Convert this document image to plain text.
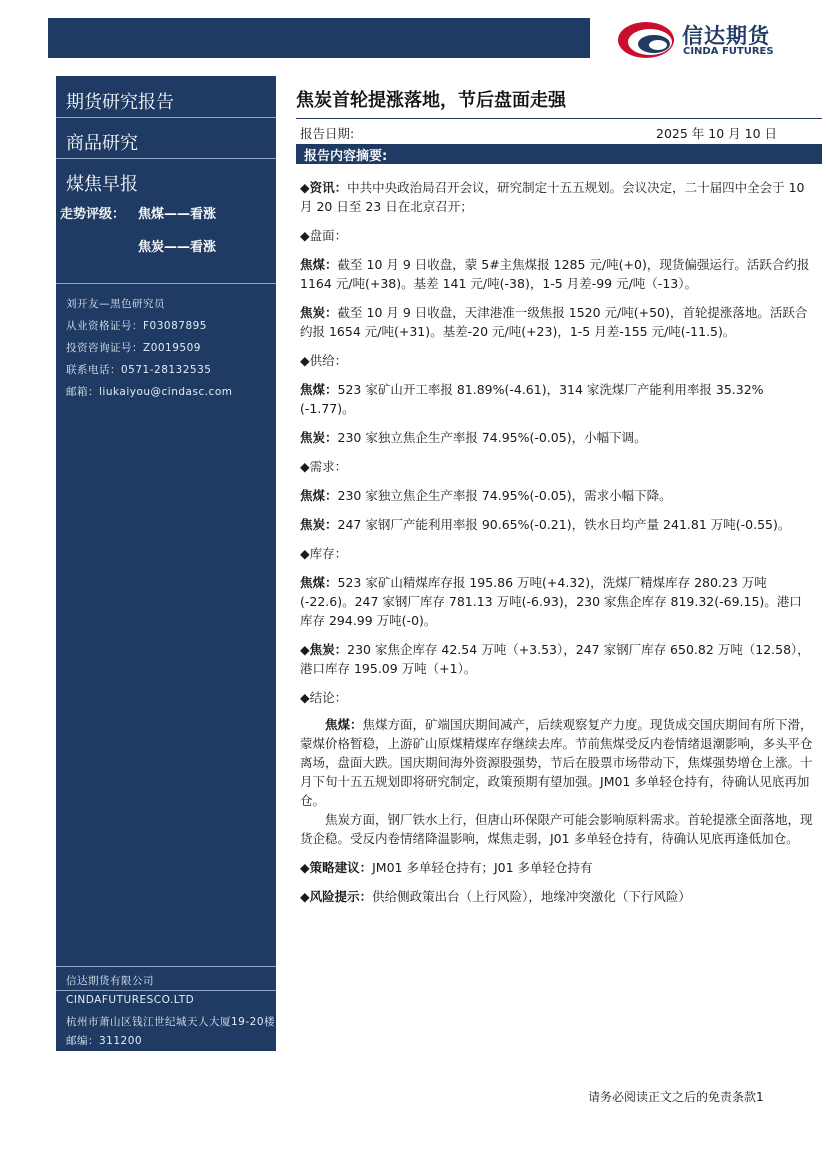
信达期货
CINDA FUTURES
期货研究报告
商品研究
煤焦早报
走势评级： 焦煤——看涨
焦炭——看涨
刘开友—黑色研究员
从业资格证号：F03087895
投资咨询证号：Z0019509
联系电话：0571-28132535
邮箱：liukaiyou@cindasc.com
信达期货有限公司
CINDAFUTURESCO.LTD
杭州市萧山区钱江世纪城天人大厦19-20楼
邮编：311200
焦炭首轮提涨落地，节后盘面走强
报告日期:	2025 年 10 月 10 日
报告内容摘要:

◆资讯：中共中央政治局召开会议，研究制定十五五规划。会议决定，二十届四中全会于 10 月 20 日至 23 日在北京召开；

◆盘面：

焦煤：截至 10 月 9 日收盘，蒙 5#主焦煤报 1285 元/吨(+0)，现货偏强运行。活跃合约报 1164 元/吨(+38)。基差 141 元/吨(-38)，1-5 月差-99 元/吨（-13）。

焦炭：截至 10 月 9 日收盘，天津港准一级焦报 1520 元/吨(+50)，首轮提涨落地。活跃合约报 1654 元/吨(+31)。基差-20 元/吨(+23)，1-5 月差-155 元/吨(-11.5)。

◆供给：

焦煤：523 家矿山开工率报 81.89%(-4.61)，314 家洗煤厂产能利用率报 35.32%(-1.77)。

焦炭：230 家独立焦企生产率报 74.95%(-0.05)，小幅下调。

◆需求：

焦煤：230 家独立焦企生产率报 74.95%(-0.05)，需求小幅下降。

焦炭：247 家钢厂产能利用率报 90.65%(-0.21)，铁水日均产量 241.81 万吨(-0.55)。

◆库存：

焦煤：523 家矿山精煤库存报 195.86 万吨(+4.32)，洗煤厂精煤库存 280.23 万吨(-22.6)。247 家钢厂库存 781.13 万吨(-6.93)，230 家焦企库存 819.32(-69.15)。港口库存 294.99 万吨(-0)。

◆焦炭：230 家焦企库存 42.54 万吨（+3.53），247 家钢厂库存 650.82 万吨（12.58），港口库存 195.09 万吨（+1）。

◆结论：

焦煤：焦煤方面，矿端国庆期间减产，后续观察复产力度。现货成交国庆期间有所下滑，蒙煤价格暂稳，上游矿山原煤精煤库存继续去库。节前焦煤受反内卷情绪退潮影响，多头平仓离场，盘面大跌。国庆期间海外资源股强势，节后在股票市场带动下，焦煤强势增仓上涨。十月下旬十五五规划即将研究制定，政策预期有望加强。JM01 多单轻仓持有，待确认见底再加仓。

焦炭方面，钢厂铁水上行，但唐山环保限产可能会影响原料需求。首轮提涨全面落地，现货企稳。受反内卷情绪降温影响，煤焦走弱，J01 多单轻仓持有，待确认见底再逢低加仓。

◆策略建议：JM01 多单轻仓持有；J01 多单轻仓持有

◆风险提示：供给侧政策出台（上行风险），地缘冲突激化（下行风险）

请务必阅读正文之后的免责条款1
